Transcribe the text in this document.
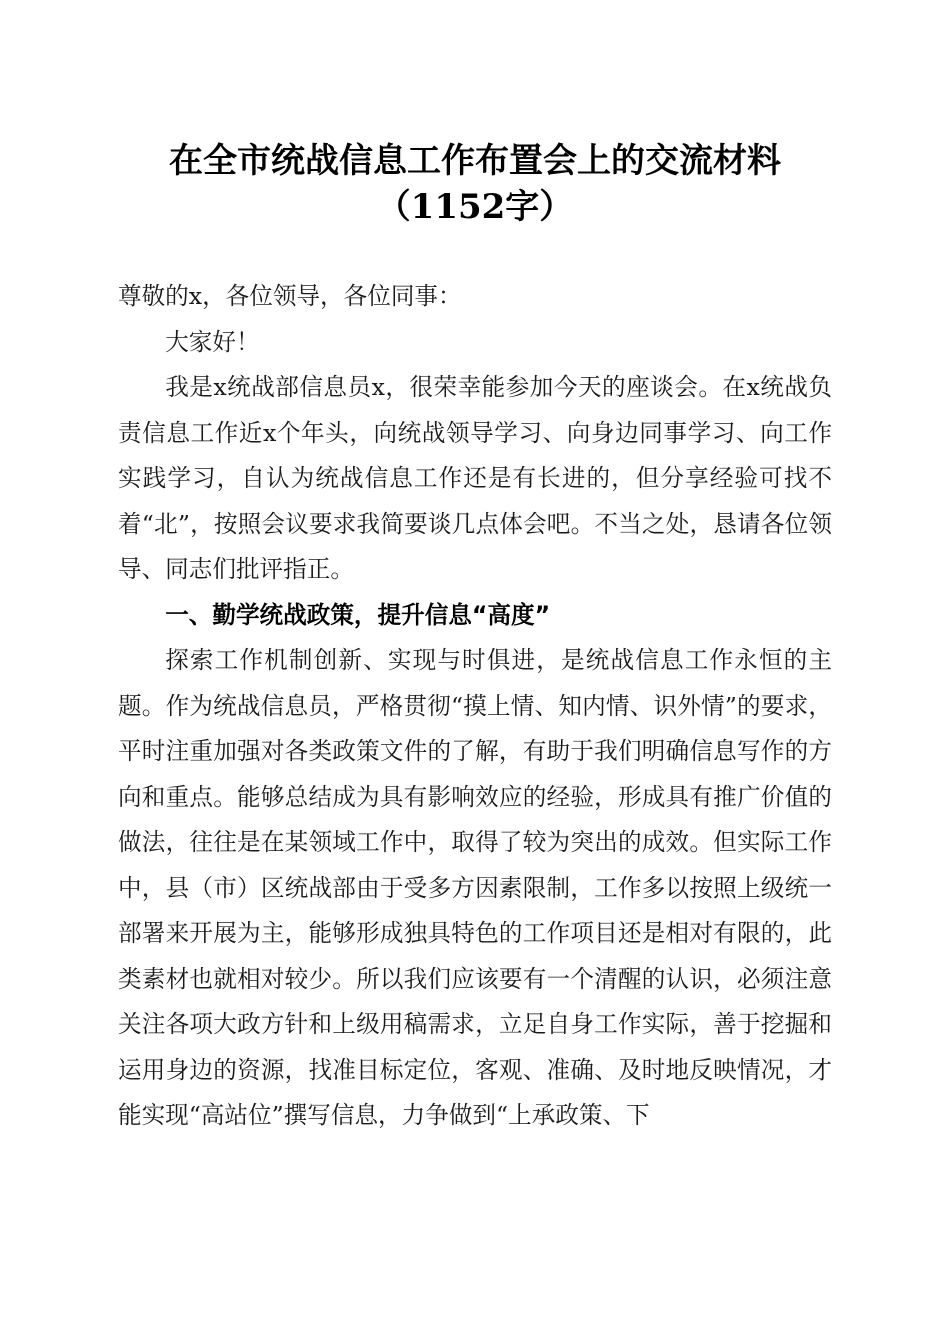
在全市统战信息工作布置会上的交流材料
（1152字）

尊敬的x，各位领导，各位同事：

大家好！

我是x统战部信息员x，很荣幸能参加今天的座谈会。在x统战负责信息工作近x个年头，向统战领导学习、向身边同事学习、向工作实践学习，自认为统战信息工作还是有长进的，但分享经验可找不着“北”，按照会议要求我简要谈几点体会吧。不当之处，恳请各位领导、同志们批评指正。

一、勤学统战政策，提升信息“高度”

探索工作机制创新、实现与时俱进，是统战信息工作永恒的主题。作为统战信息员，严格贯彻“摸上情、知内情、识外情”的要求，平时注重加强对各类政策文件的了解，有助于我们明确信息写作的方向和重点。能够总结成为具有影响效应的经验，形成具有推广价值的做法，往往是在某领域工作中，取得了较为突出的成效。但实际工作中，县（市）区统战部由于受多方因素限制，工作多以按照上级统一部署来开展为主，能够形成独具特色的工作项目还是相对有限的，此类素材也就相对较少。所以我们应该要有一个清醒的认识，必须注意关注各项大政方针和上级用稿需求，立足自身工作实际，善于挖掘和运用身边的资源，找准目标定位，客观、准确、及时地反映情况，才能实现“高站位”撰写信息，力争做到“上承政策、下
